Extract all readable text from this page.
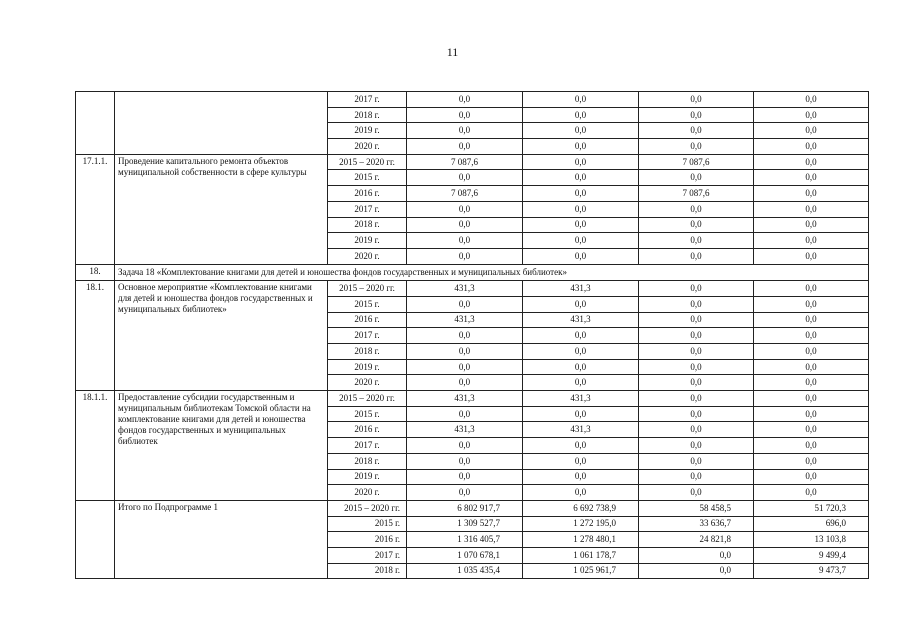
11
		2017 г.	0,0	0,0	0,0	0,0
		2018 г.	0,0	0,0	0,0	0,0
		2019 г.	0,0	0,0	0,0	0,0
		2020 г.	0,0	0,0	0,0	0,0
17.1.1.	Проведение капитального ремонта объектов муниципальной собственности в сфере культуры	2015 – 2020 гг.	7 087,6	0,0	7 087,6	0,0
		2015 г.	0,0	0,0	0,0	0,0
		2016 г.	7 087,6	0,0	7 087,6	0,0
		2017 г.	0,0	0,0	0,0	0,0
		2018 г.	0,0	0,0	0,0	0,0
		2019 г.	0,0	0,0	0,0	0,0
		2020 г.	0,0	0,0	0,0	0,0
18.	Задача 18 «Комплектование книгами для детей и юношества фондов государственных и муниципальных библиотек»					
18.1.	Основное мероприятие «Комплектование книгами для детей и юношества фондов государственных и муниципальных библиотек»	2015 – 2020 гг.	431,3	431,3	0,0	0,0
		2015 г.	0,0	0,0	0,0	0,0
		2016 г.	431,3	431,3	0,0	0,0
		2017 г.	0,0	0,0	0,0	0,0
		2018 г.	0,0	0,0	0,0	0,0
		2019 г.	0,0	0,0	0,0	0,0
		2020 г.	0,0	0,0	0,0	0,0
18.1.1.	Предоставление субсидии государственным и муниципальным библиотекам Томской области на комплектование книгами для детей и юношества фондов государственных и муниципальных библиотек	2015 – 2020 гг.	431,3	431,3	0,0	0,0
		2015 г.	0,0	0,0	0,0	0,0
		2016 г.	431,3	431,3	0,0	0,0
		2017 г.	0,0	0,0	0,0	0,0
		2018 г.	0,0	0,0	0,0	0,0
		2019 г.	0,0	0,0	0,0	0,0
		2020 г.	0,0	0,0	0,0	0,0
	Итого по Подпрограмме 1	2015 – 2020 гг.	6 802 917,7	6 692 738,9	58 458,5	51 720,3
		2015 г.	1 309 527,7	1 272 195,0	33 636,7	696,0
		2016 г.	1 316 405,7	1 278 480,1	24 821,8	13 103,8
		2017 г.	1 070 678,1	1 061 178,7	0,0	9 499,4
		2018 г.	1 035 435,4	1 025 961,7	0,0	9 473,7
